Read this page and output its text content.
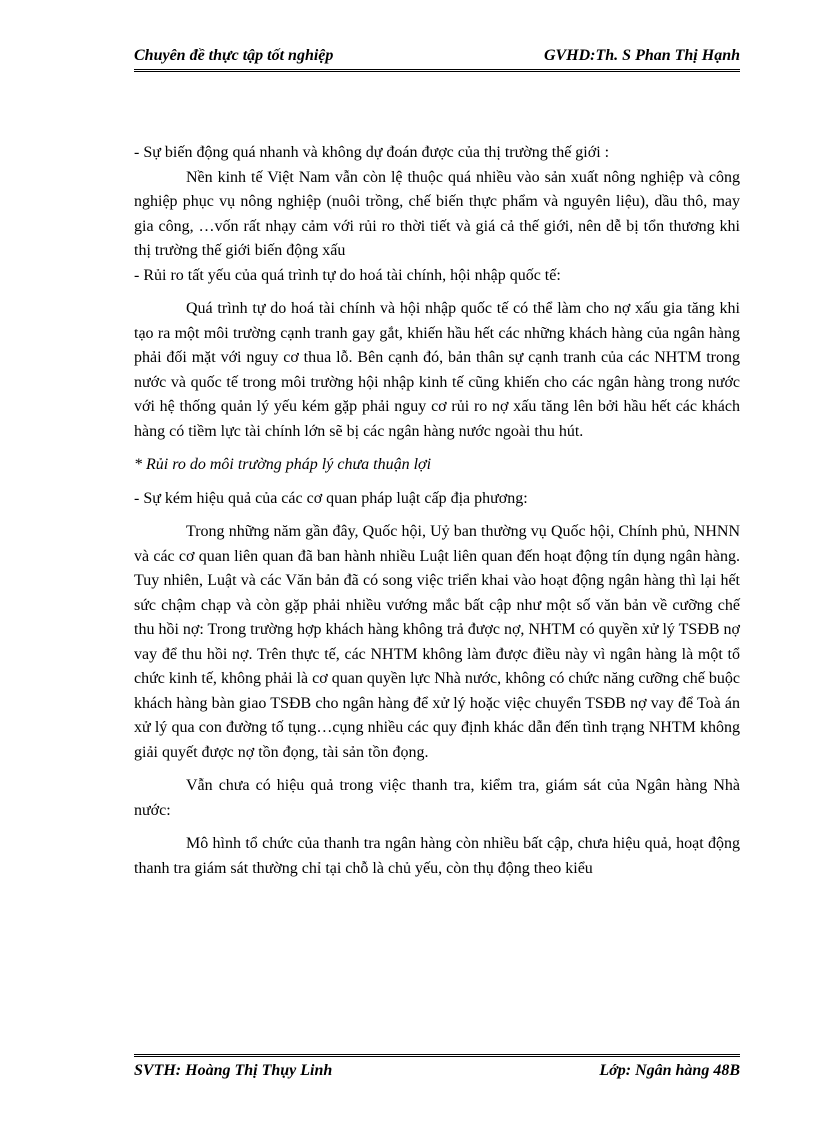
Chuyên đề thực tập tốt nghiệp	GVHD:Th. S Phan Thị Hạnh

- Sự biến động quá nhanh và không dự đoán được của thị trường thế giới :

Nền kinh tế Việt Nam vẫn còn lệ thuộc quá nhiều vào sản xuất nông nghiệp và công nghiệp phục vụ nông nghiệp (nuôi trồng, chế biến thực phẩm và nguyên liệu), dầu thô, may gia công, …vốn rất nhạy cảm với rủi ro thời tiết và giá cả thế giới, nên dễ bị tổn thương khi thị trường thế giới biến động xấu

- Rủi ro tất yếu của quá trình tự do hoá tài chính, hội nhập quốc tế:

Quá trình tự do hoá tài chính và hội nhập quốc tế có thể làm cho nợ xấu gia tăng khi tạo ra một môi trường cạnh tranh gay gắt, khiến hầu hết các những khách hàng của ngân hàng phải đối mặt với nguy cơ thua lỗ. Bên cạnh đó, bản thân sự cạnh tranh của các NHTM trong nước và quốc tế trong môi trường hội nhập kinh tế cũng khiến cho các ngân hàng trong nước với hệ thống quản lý yếu kém gặp phải nguy cơ rủi ro nợ xấu tăng lên bởi hầu hết các khách hàng có tiềm lực tài chính lớn sẽ bị các ngân hàng nước ngoài thu hút.

* Rủi ro do môi trường pháp lý chưa thuận lợi

- Sự kém hiệu quả của các cơ quan pháp luật cấp địa phương:

Trong những năm gần đây, Quốc hội, Uỷ ban thường vụ Quốc hội, Chính phủ, NHNN và các cơ quan liên quan đã ban hành nhiều Luật liên quan đến hoạt động tín dụng ngân hàng. Tuy nhiên, Luật và các Văn bản đã có song việc triển khai vào hoạt động ngân hàng thì lại hết sức chậm chạp và còn gặp phải nhiều vướng mắc bất cập như một số văn bản về cưỡng chế thu hồi nợ: Trong trường hợp khách hàng không trả được nợ, NHTM có quyền xử lý TSĐB nợ vay để thu hồi nợ. Trên thực tế, các NHTM không làm được điều này vì ngân hàng là một tổ chức kinh tế, không phải là cơ quan quyền lực Nhà nước, không có chức năng cưỡng chế buộc khách hàng bàn giao TSĐB cho ngân hàng để xử lý hoặc việc chuyển TSĐB nợ vay để Toà án xử lý qua con đường tố tụng…cụng nhiều các quy định khác dẫn đến tình trạng NHTM không giải quyết được nợ tồn đọng, tài sản tồn đọng.

Vẫn chưa có hiệu quả trong việc thanh tra, kiểm tra, giám sát của Ngân hàng Nhà nước:

Mô hình tổ chức của thanh tra ngân hàng còn nhiều bất cập, chưa hiệu quả, hoạt động thanh tra giám sát thường chỉ tại chỗ là chủ yếu, còn thụ động theo kiểu

SVTH: Hoàng Thị Thụy Linh	Lớp: Ngân hàng 48B
